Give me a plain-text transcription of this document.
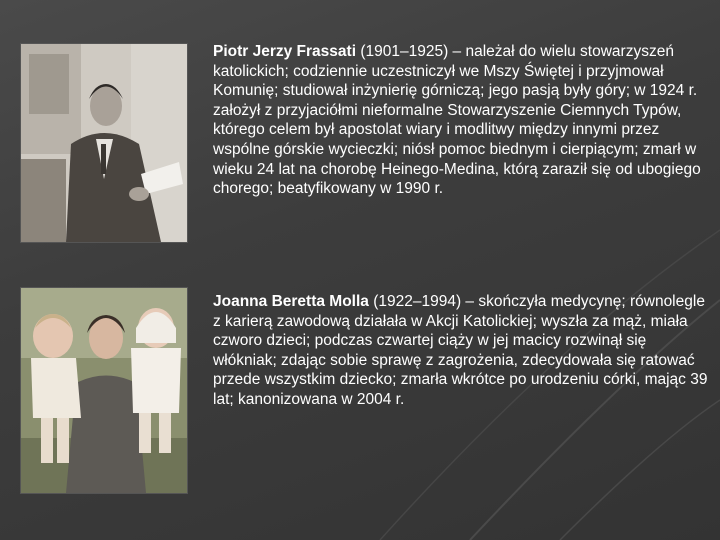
Piotr Jerzy Frassati (1901–1925) – należał do wielu stowarzyszeń katolickich; codziennie uczestniczył we Mszy Świętej i przyjmował Komunię; studiował inżynierię górniczą; jego pasją były góry; w 1924 r. założył z przyjaciółmi nieformalne Stowarzyszenie Ciemnych Typów, którego celem był apostolat wiary i modlitwy między innymi przez wspólne górskie wycieczki; niósł pomoc biednym i cierpiącym; zmarł w wieku 24 lat na chorobę Heinego-Medina, którą zaraził się od ubogiego chorego; beatyfikowany w 1990 r.
Joanna Beretta Molla (1922–1994) – skończyła medycynę; równolegle z karierą zawodową działała w Akcji Katolickiej; wyszła za mąż, miała czworo dzieci; podczas czwartej ciąży w jej macicy rozwinął się włókniak; zdając sobie sprawę z zagrożenia, zdecydowała się ratować przede wszystkim dziecko; zmarła wkrótce po urodzeniu córki, mając 39 lat; kanonizowana w 2004 r.
